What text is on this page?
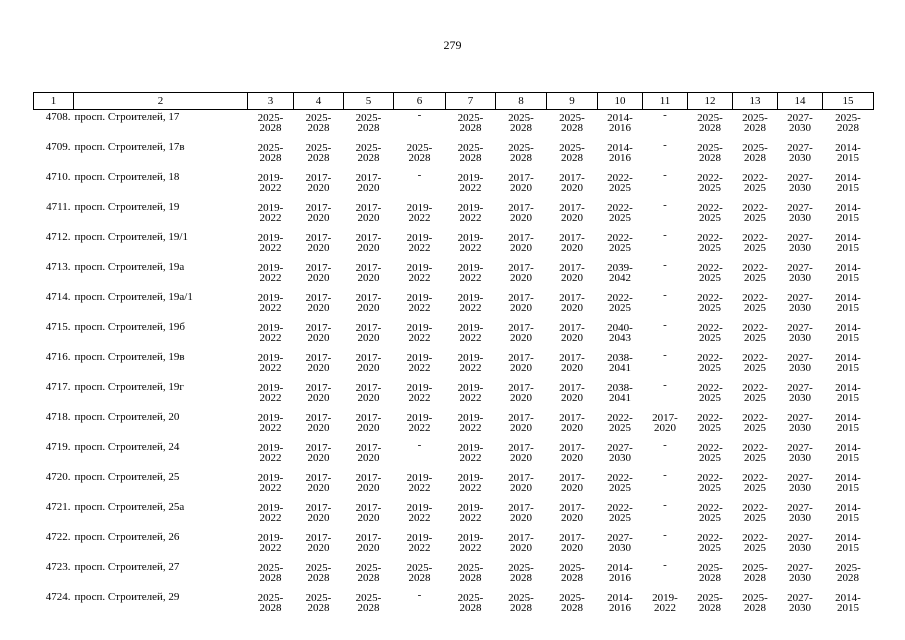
279
1	2	3	4	5	6	7	8	9	10	11	12	13	14	15
4708.	просп. Строителей, 17	2025-
2028	2025-
2028	2025-
2028	-	2025-
2028	2025-
2028	2025-
2028	2014-
2016	-	2025-
2028	2025-
2028	2027-
2030	2025-
2028

4709.	просп. Строителей, 17в	2025-
2028	2025-
2028	2025-
2028	2025-
2028	2025-
2028	2025-
2028	2025-
2028	2014-
2016	-	2025-
2028	2025-
2028	2027-
2030	2014-
2015

4710.	просп. Строителей, 18	2019-
2022	2017-
2020	2017-
2020	-	2019-
2022	2017-
2020	2017-
2020	2022-
2025	-	2022-
2025	2022-
2025	2027-
2030	2014-
2015

4711.	просп. Строителей, 19	2019-
2022	2017-
2020	2017-
2020	2019-
2022	2019-
2022	2017-
2020	2017-
2020	2022-
2025	-	2022-
2025	2022-
2025	2027-
2030	2014-
2015

4712.	просп. Строителей, 19/1	2019-
2022	2017-
2020	2017-
2020	2019-
2022	2019-
2022	2017-
2020	2017-
2020	2022-
2025	-	2022-
2025	2022-
2025	2027-
2030	2014-
2015

4713.	просп. Строителей, 19а	2019-
2022	2017-
2020	2017-
2020	2019-
2022	2019-
2022	2017-
2020	2017-
2020	2039-
2042	-	2022-
2025	2022-
2025	2027-
2030	2014-
2015

4714.	просп. Строителей, 19а/1	2019-
2022	2017-
2020	2017-
2020	2019-
2022	2019-
2022	2017-
2020	2017-
2020	2022-
2025	-	2022-
2025	2022-
2025	2027-
2030	2014-
2015

4715.	просп. Строителей, 19б	2019-
2022	2017-
2020	2017-
2020	2019-
2022	2019-
2022	2017-
2020	2017-
2020	2040-
2043	-	2022-
2025	2022-
2025	2027-
2030	2014-
2015

4716.	просп. Строителей, 19в	2019-
2022	2017-
2020	2017-
2020	2019-
2022	2019-
2022	2017-
2020	2017-
2020	2038-
2041	-	2022-
2025	2022-
2025	2027-
2030	2014-
2015

4717.	просп. Строителей, 19г	2019-
2022	2017-
2020	2017-
2020	2019-
2022	2019-
2022	2017-
2020	2017-
2020	2038-
2041	-	2022-
2025	2022-
2025	2027-
2030	2014-
2015

4718.	просп. Строителей, 20	2019-
2022	2017-
2020	2017-
2020	2019-
2022	2019-
2022	2017-
2020	2017-
2020	2022-
2025	2017-
2020	2022-
2025	2022-
2025	2027-
2030	2014-
2015

4719.	просп. Строителей, 24	2019-
2022	2017-
2020	2017-
2020	-	2019-
2022	2017-
2020	2017-
2020	2027-
2030	-	2022-
2025	2022-
2025	2027-
2030	2014-
2015

4720.	просп. Строителей, 25	2019-
2022	2017-
2020	2017-
2020	2019-
2022	2019-
2022	2017-
2020	2017-
2020	2022-
2025	-	2022-
2025	2022-
2025	2027-
2030	2014-
2015

4721.	просп. Строителей, 25а	2019-
2022	2017-
2020	2017-
2020	2019-
2022	2019-
2022	2017-
2020	2017-
2020	2022-
2025	-	2022-
2025	2022-
2025	2027-
2030	2014-
2015

4722.	просп. Строителей, 26	2019-
2022	2017-
2020	2017-
2020	2019-
2022	2019-
2022	2017-
2020	2017-
2020	2027-
2030	-	2022-
2025	2022-
2025	2027-
2030	2014-
2015

4723.	просп. Строителей, 27	2025-
2028	2025-
2028	2025-
2028	2025-
2028	2025-
2028	2025-
2028	2025-
2028	2014-
2016	-	2025-
2028	2025-
2028	2027-
2030	2025-
2028

4724.	просп. Строителей, 29	2025-
2028	2025-
2028	2025-
2028	-	2025-
2028	2025-
2028	2025-
2028	2014-
2016	2019-
2022	2025-
2028	2025-
2028	2027-
2030	2014-
2015
